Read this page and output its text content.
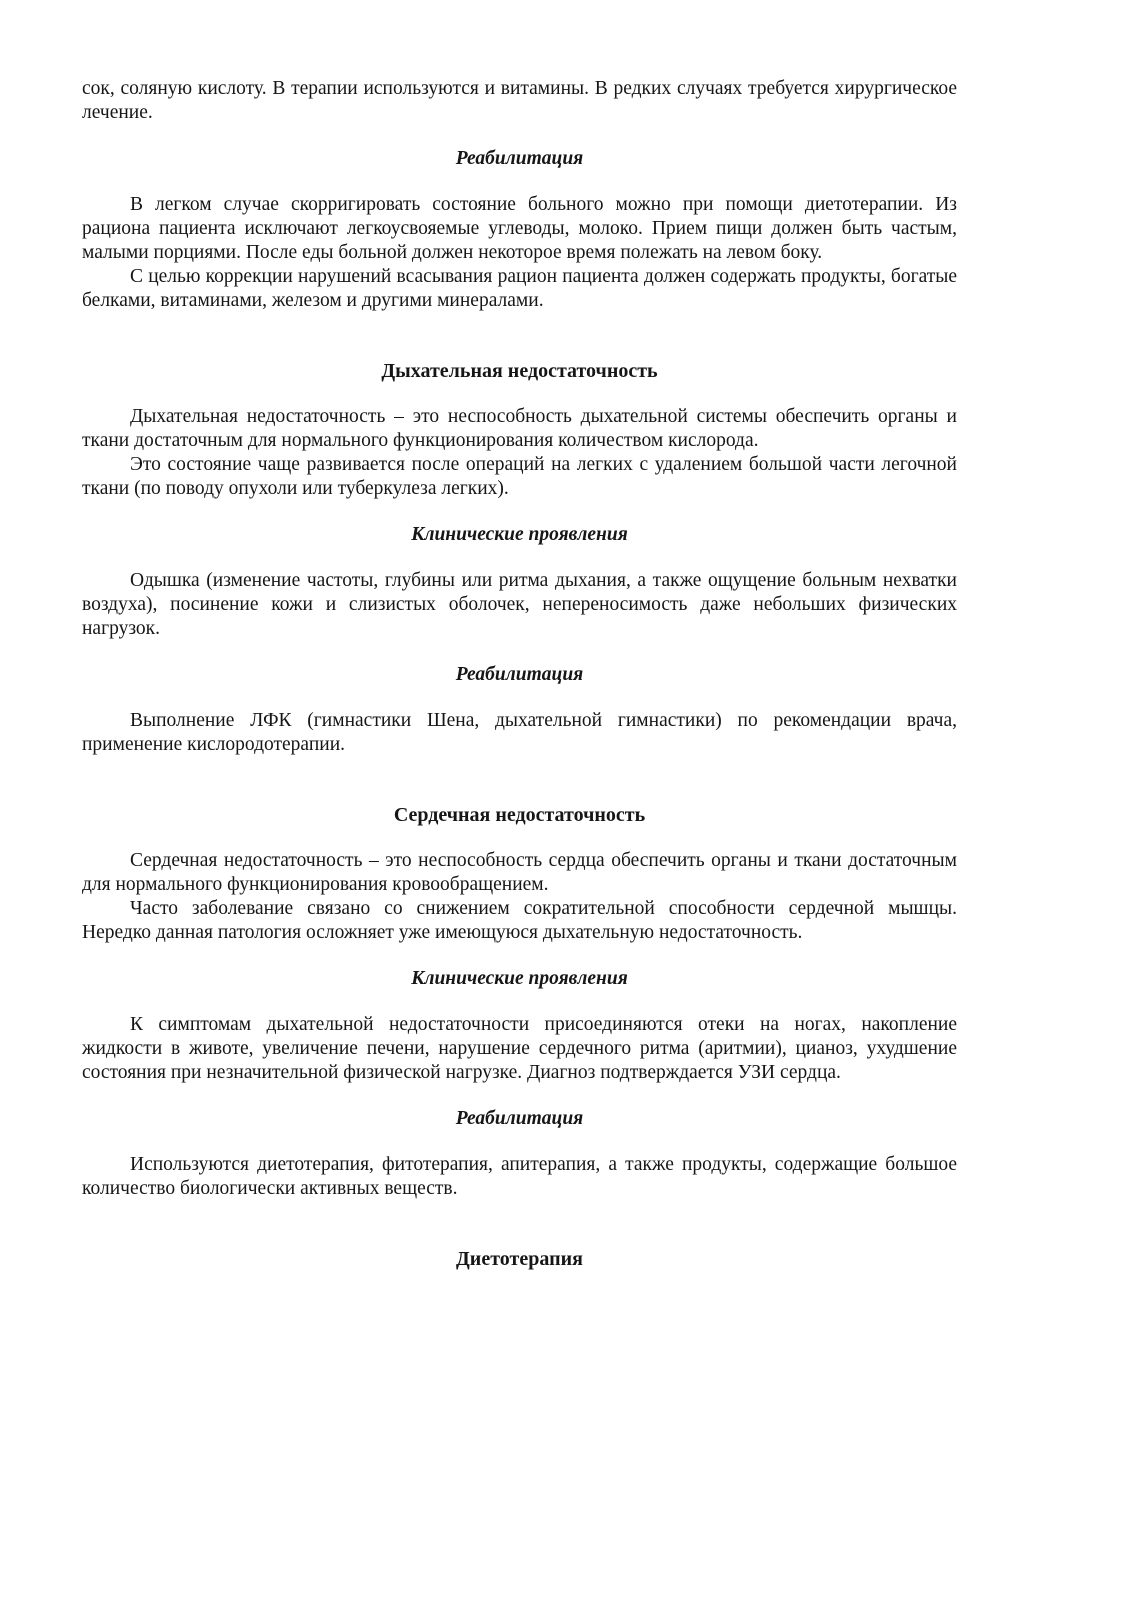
сок, соляную кислоту. В терапии используются и витамины. В редких случаях требуется хирургическое лечение.

Реабилитация

В легком случае скорригировать состояние больного можно при помощи диетотерапии. Из рациона пациента исключают легкоусвояемые углеводы, молоко. Прием пищи должен быть частым, малыми порциями. После еды больной должен некоторое время полежать на левом боку.

С целью коррекции нарушений всасывания рацион пациента должен содержать продукты, богатые белками, витаминами, железом и другими минералами.

Дыхательная недостаточность

Дыхательная недостаточность – это неспособность дыхательной системы обеспечить органы и ткани достаточным для нормального функционирования количеством кислорода.

Это состояние чаще развивается после операций на легких с удалением большой части легочной ткани (по поводу опухоли или туберкулеза легких).

Клинические проявления

Одышка (изменение частоты, глубины или ритма дыхания, а также ощущение больным нехватки воздуха), посинение кожи и слизистых оболочек, непереносимость даже небольших физических нагрузок.

Реабилитация

Выполнение ЛФК (гимнастики Шена, дыхательной гимнастики) по рекомендации врача, применение кислородотерапии.

Сердечная недостаточность

Сердечная недостаточность – это неспособность сердца обеспечить органы и ткани достаточным для нормального функционирования кровообращением.

Часто заболевание связано со снижением сократительной способности сердечной мышцы. Нередко данная патология осложняет уже имеющуюся дыхательную недостаточность.

Клинические проявления

К симптомам дыхательной недостаточности присоединяются отеки на ногах, накопление жидкости в животе, увеличение печени, нарушение сердечного ритма (аритмии), цианоз, ухудшение состояния при незначительной физической нагрузке. Диагноз подтверждается УЗИ сердца.

Реабилитация

Используются диетотерапия, фитотерапия, апитерапия, а также продукты, содержащие большое количество биологически активных веществ.

Диетотерапия
